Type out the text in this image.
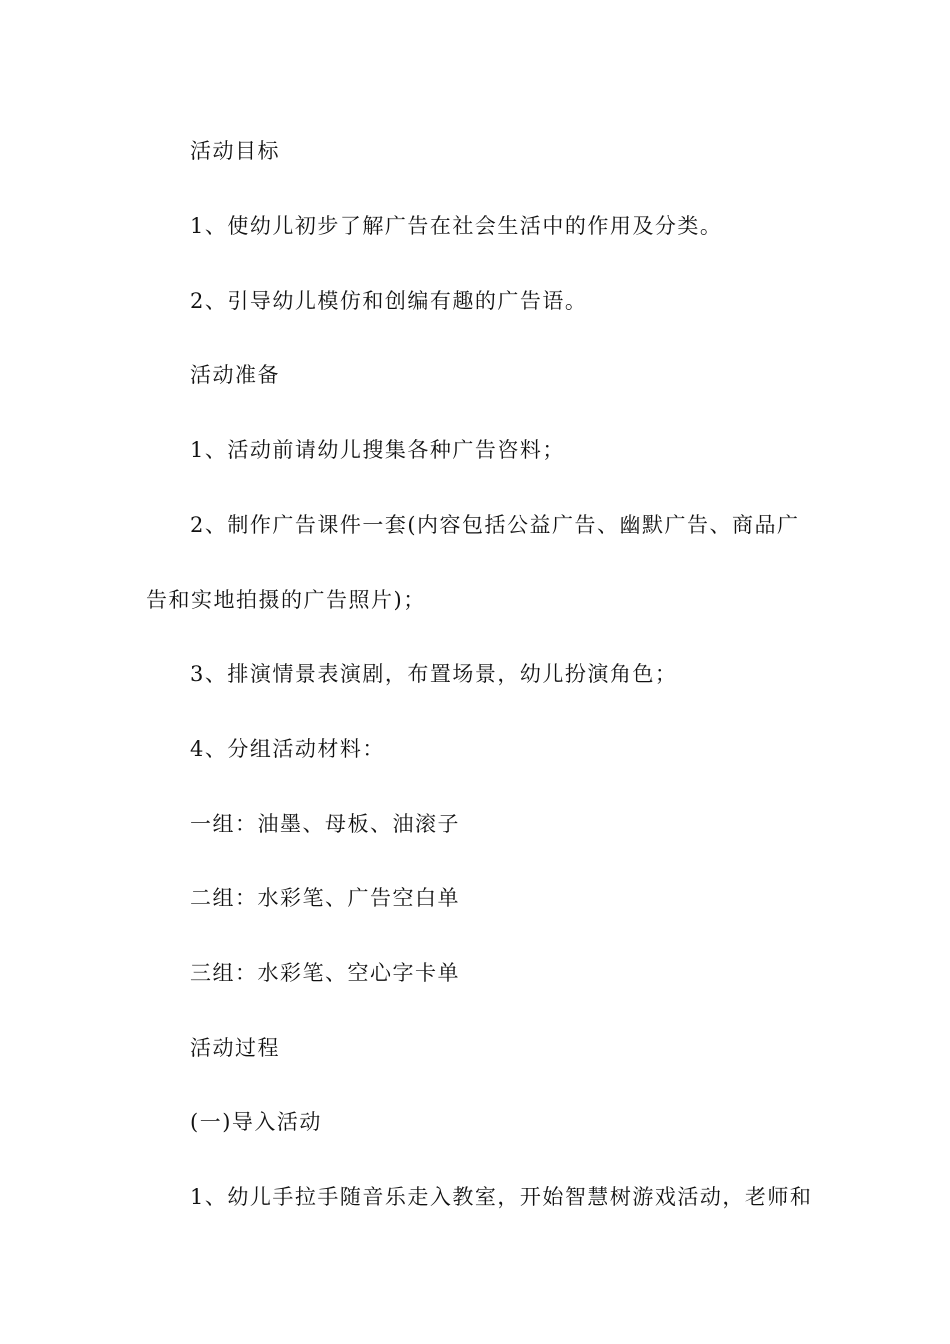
活动目标
1、使幼儿初步了解广告在社会生活中的作用及分类。
2、引导幼儿模仿和创编有趣的广告语。
活动准备
1、活动前请幼儿搜集各种广告咨料；
2、制作广告课件一套(内容包括公益广告、幽默广告、商品广
告和实地拍摄的广告照片)；
3、排演情景表演剧，布置场景，幼儿扮演角色；
4、分组活动材料：
一组：油墨、母板、油滚子
二组：水彩笔、广告空白单
三组：水彩笔、空心字卡单
活动过程
(一)导入活动
1、幼儿手拉手随音乐走入教室，开始智慧树游戏活动，老师和
